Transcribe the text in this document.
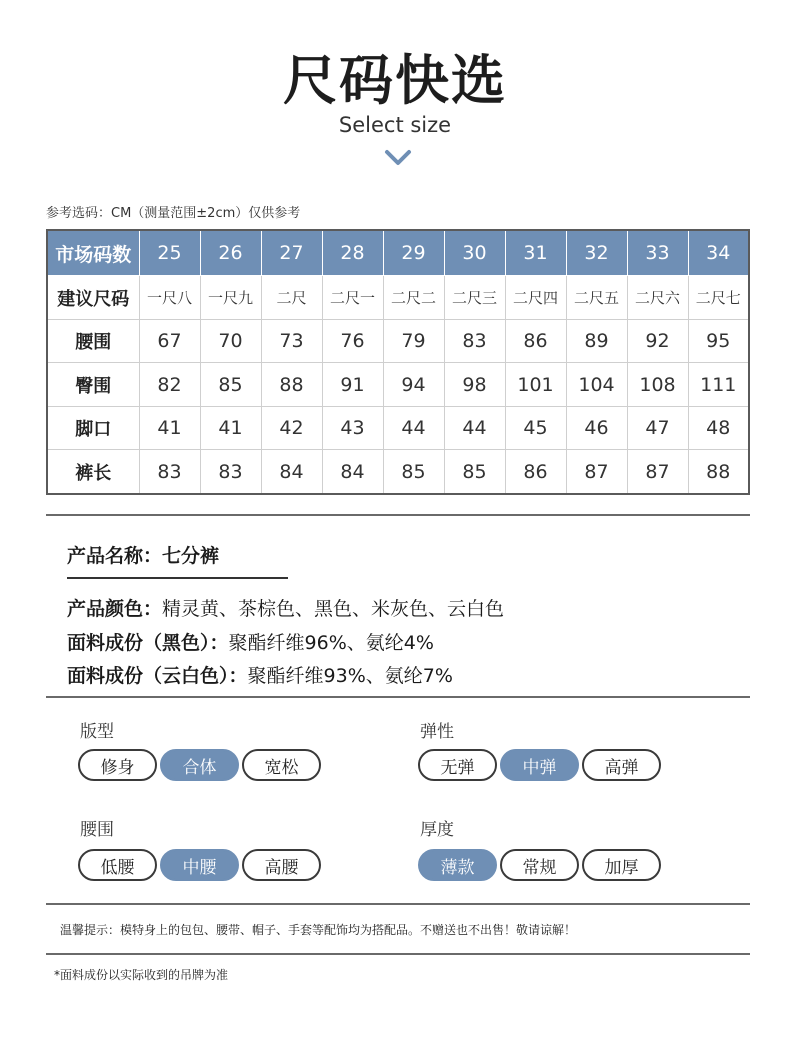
尺码快选
Select size
参考选码：CM（测量范围±2cm）仅供参考
市场码数	25	26	27	28	29	30	31	32	33	34
建议尺码	一尺八	一尺九	二尺	二尺一	二尺二	二尺三	二尺四	二尺五	二尺六	二尺七
腰围	67	70	73	76	79	83	86	89	92	95
臀围	82	85	88	91	94	98	101	104	108	111
脚口	41	41	42	43	44	44	45	46	47	48
裤长	83	83	84	84	85	85	86	87	87	88
产品名称：七分裤
产品颜色：精灵黄、茶棕色、黑色、米灰色、云白色
面料成份（黑色）：聚酯纤维96%、氨纶4%
面料成份（云白色）：聚酯纤维93%、氨纶7%
版型
修身	合体	宽松
弹性
无弹	中弹	高弹
腰围
低腰	中腰	高腰
厚度
薄款	常规	加厚
温馨提示：模特身上的包包、腰带、帽子、手套等配饰均为搭配品。不赠送也不出售！敬请谅解！
*面料成份以实际收到的吊牌为准
